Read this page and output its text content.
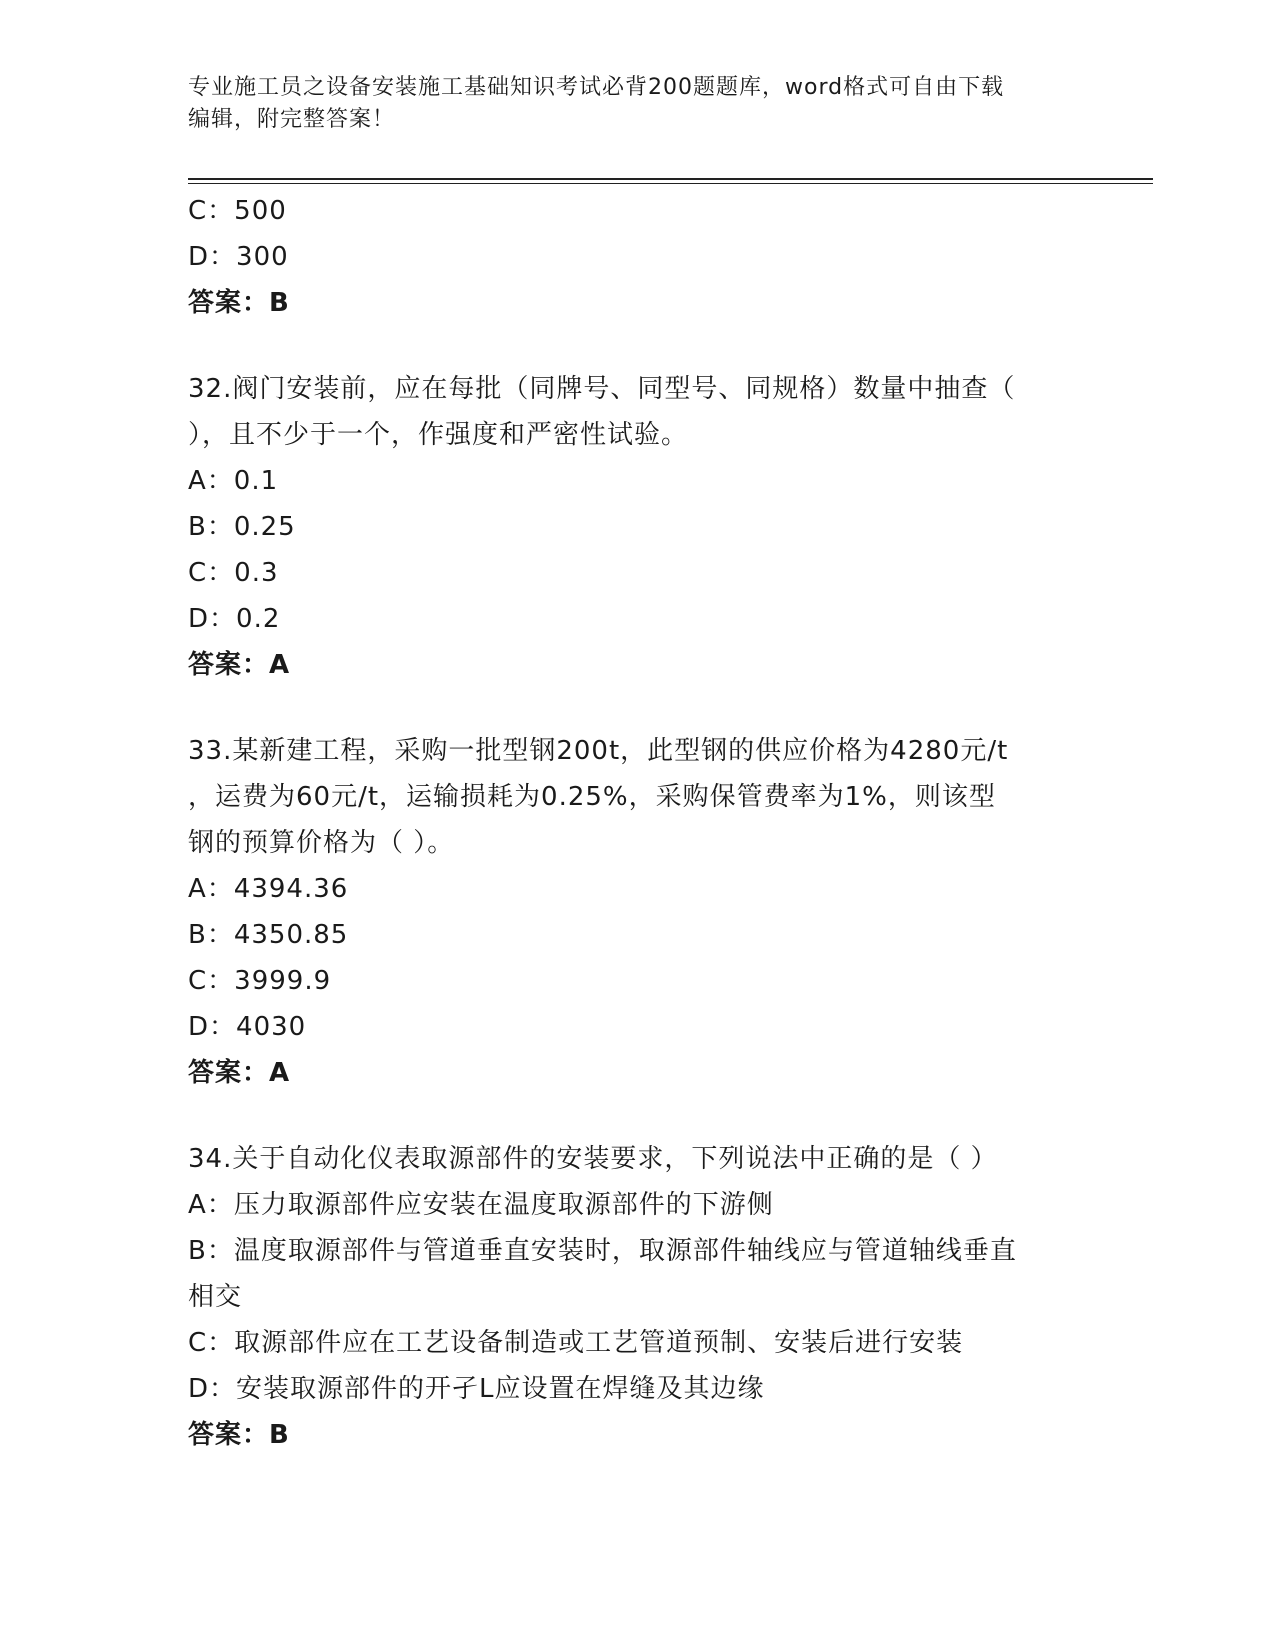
专业施工员之设备安装施工基础知识考试必背200题题库，word格式可自由下载

编辑，附完整答案！

C：500

D：300

答案：B

32.阀门安装前，应在每批（同牌号、同型号、同规格）数量中抽查（

），且不少于一个，作强度和严密性试验。

A：0.1

B：0.25

C：0.3

D：0.2

答案：A

33.某新建工程，采购一批型钢200t，此型钢的供应价格为4280元/t

，运费为60元/t，运输损耗为0.25%，采购保管费率为1%，则该型

钢的预算价格为（ ）。

A：4394.36

B：4350.85

C：3999.9

D：4030

答案：A

34.关于自动化仪表取源部件的安装要求，下列说法中正确的是（ ）

A：压力取源部件应安装在温度取源部件的下游侧

B：温度取源部件与管道垂直安装时，取源部件轴线应与管道轴线垂直

相交

C：取源部件应在工艺设备制造或工艺管道预制、安装后进行安装

D：安装取源部件的开孑L应设置在焊缝及其边缘

答案：B
